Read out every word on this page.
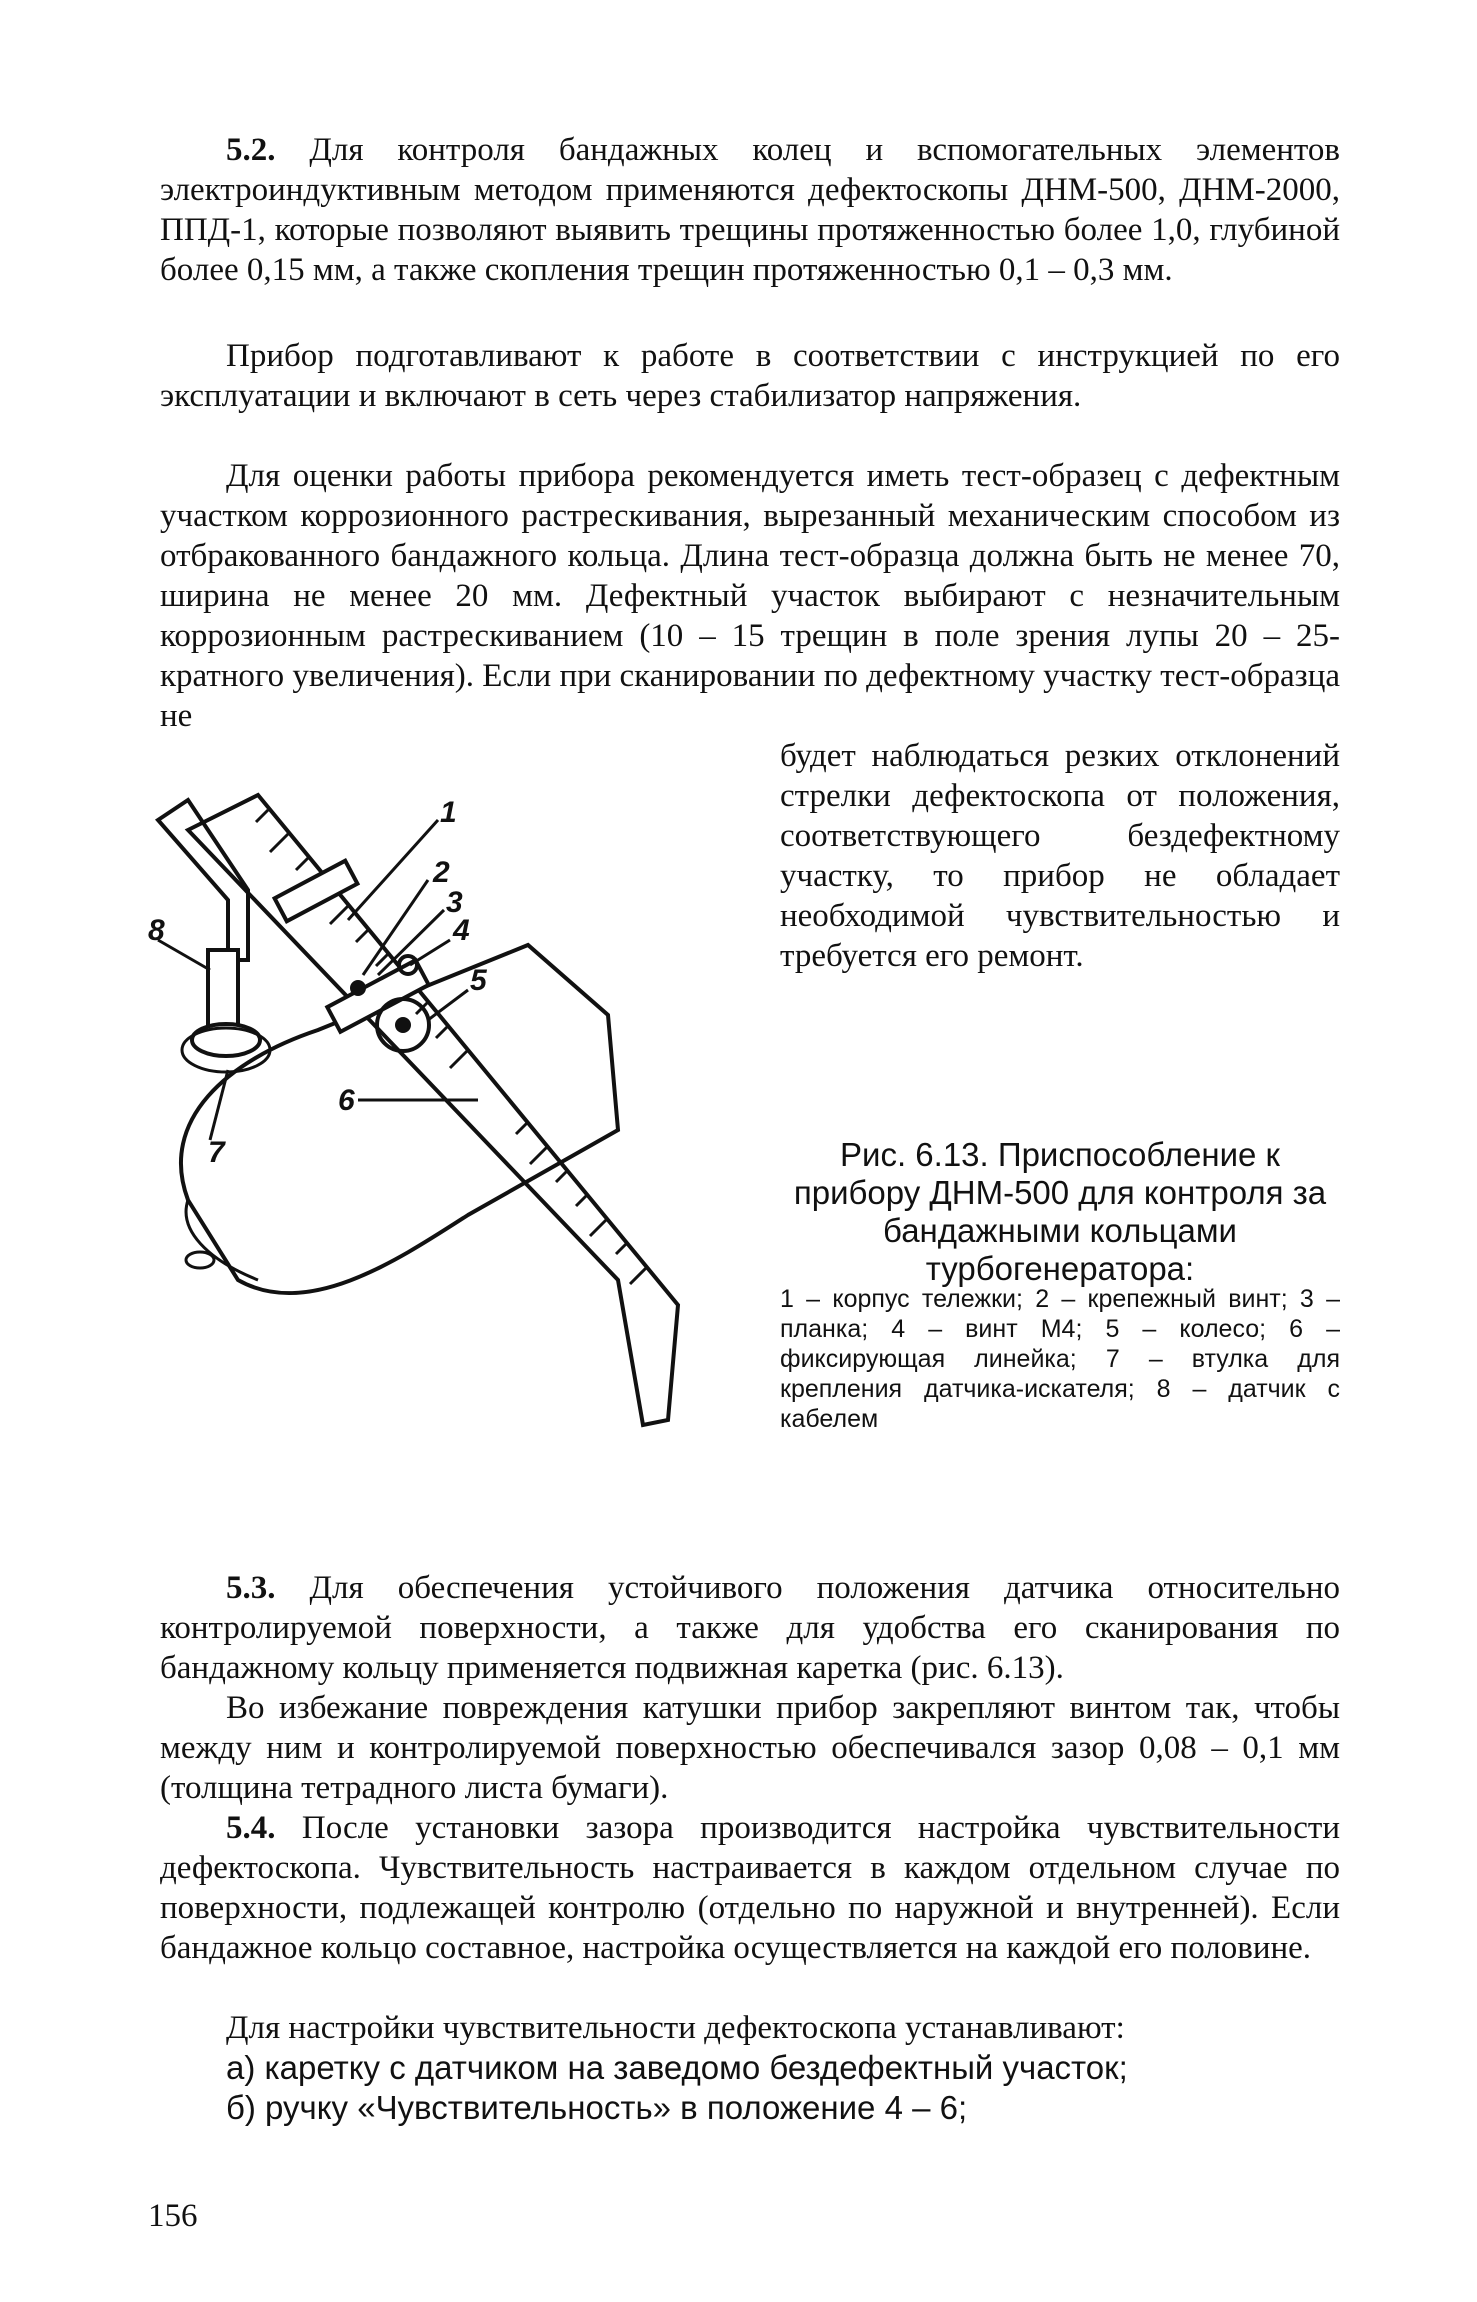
5.2. Для контроля бандажных колец и вспомогательных элементов электроиндуктивным методом применяются дефектоскопы ДНМ-500, ДНМ-2000, ППД-1, которые позволяют выявить трещины протяженностью более 1,0, глубиной более 0,15 мм, а также скопления трещин протяженностью 0,1 – 0,3 мм.

Прибор подготавливают к работе в соответствии с инструкцией по его эксплуатации и включают в сеть через стабилизатор напряжения.

Для оценки работы прибора рекомендуется иметь тест-образец с дефектным участком коррозионного растрескивания, вырезанный механическим способом из отбракованного бандажного кольца. Длина тест-образца должна быть не менее 70, ширина не менее 20 мм. Дефектный участок выбирают с незначительным коррозионным растрескиванием (10 – 15 трещин в поле зрения лупы 20 – 25-кратного увеличения). Если при сканировании по дефектному участку тест-образца не

будет наблюдаться резких отклонений стрелки дефектоскопа от положения, соответствующего бездефектному участку, то прибор не обладает необходимой чувствительностью и требуется его ремонт.

1
2
3
4
5
6
7
8

Рис. 6.13. Приспособление к прибору ДНМ-500 для контроля за бандажными кольцами турбогенератора:

1 – корпус тележки; 2 – крепежный винт; 3 – планка; 4 – винт М4; 5 – колесо; 6 – фиксирующая линейка; 7 – втулка для крепления датчика-искателя; 8 – датчик с кабелем

5.3. Для обеспечения устойчивого положения датчика относительно контролируемой поверхности, а также для удобства его сканирования по бандажному кольцу применяется подвижная каретка (рис. 6.13).

Во избежание повреждения катушки прибор закрепляют винтом так, чтобы между ним и контролируемой поверхностью обеспечивался зазор 0,08 – 0,1 мм (толщина тетрадного листа бумаги).

5.4. После установки зазора производится настройка чувствительности дефектоскопа. Чувствительность настраивается в каждом отдельном случае по поверхности, подлежащей контролю (отдельно по наружной и внутренней). Если бандажное кольцо составное, настройка осуществляется на каждой его половине.

Для настройки чувствительности дефектоскопа устанавливают:

а) каретку с датчиком на заведомо бездефектный участок;

б) ручку «Чувствительность» в положение 4 – 6;

156
